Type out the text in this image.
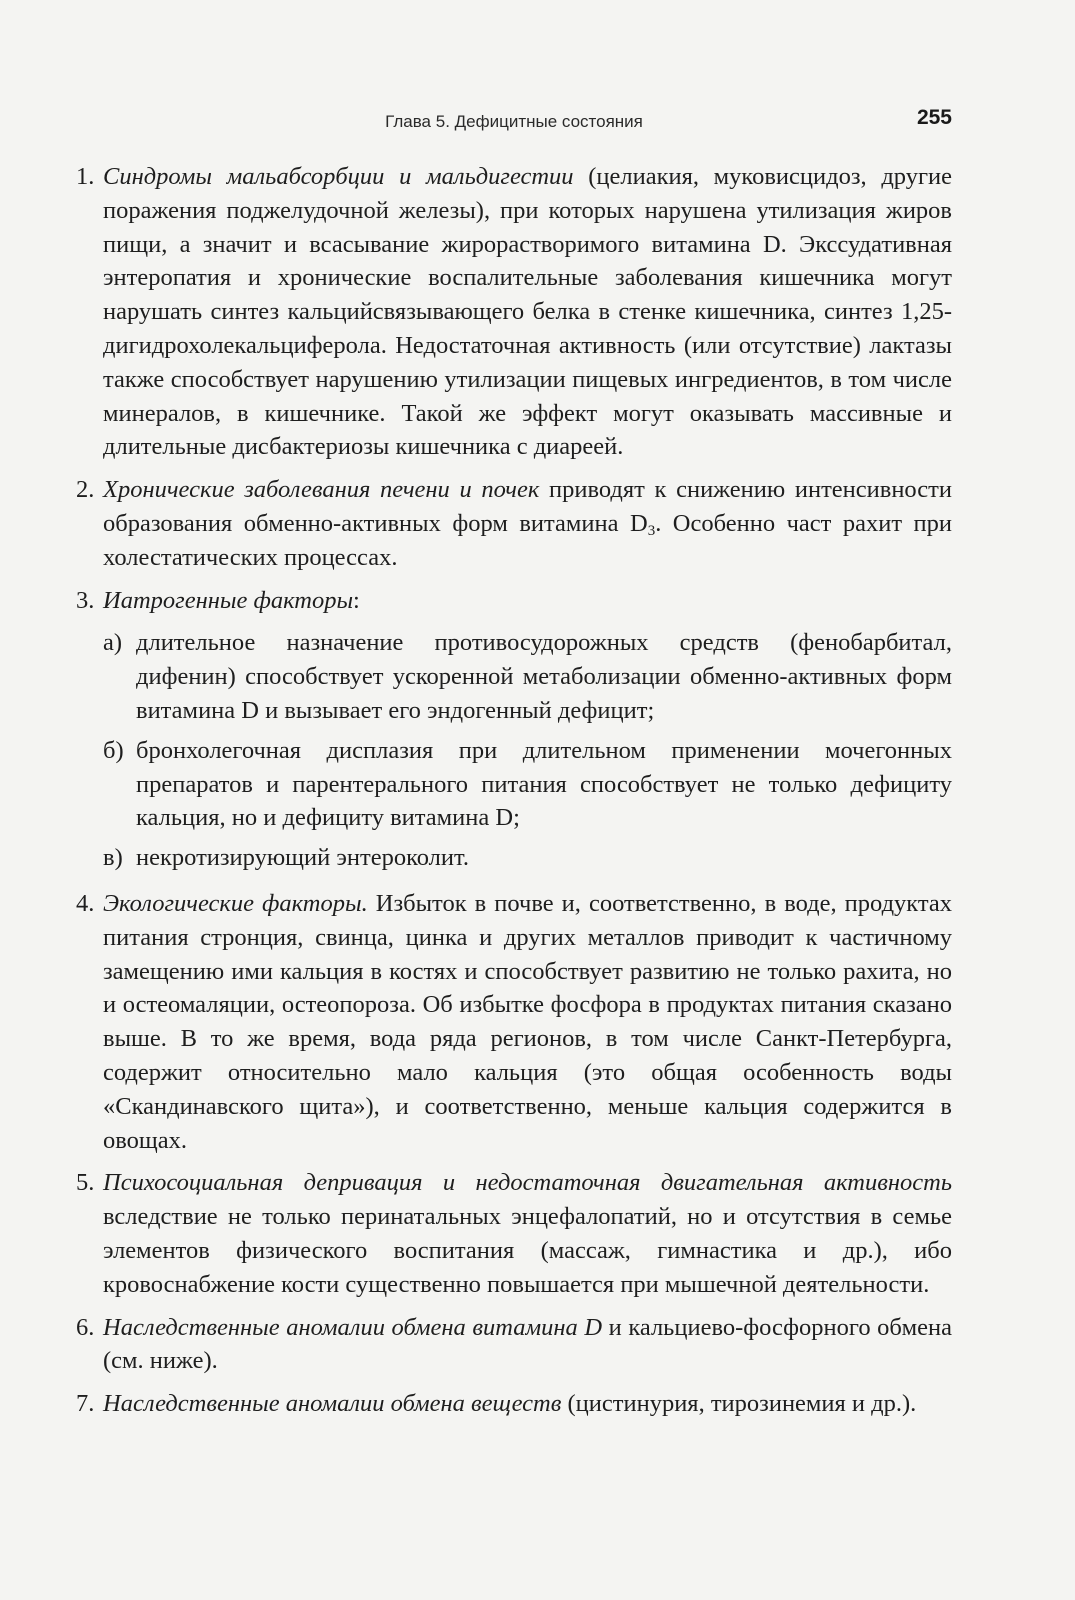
Глава 5. Дефицитные состояния	255
1. Синдромы мальабсорбции и мальдигестии (целиакия, муковисцидоз, другие поражения поджелудочной железы), при которых нарушена утилизация жиров пищи, а значит и всасывание жирорастворимого витамина D. Экссудативная энтеропатия и хронические воспалительные заболевания кишечника могут нарушать синтез кальцийсвязывающего белка в стенке кишечника, синтез 1,25-дигидрохолекальциферола. Недостаточная активность (или отсутствие) лактазы также способствует нарушению утилизации пищевых ингредиентов, в том числе минералов, в кишечнике. Такой же эффект могут оказывать массивные и длительные дисбактериозы кишечника с диареей.
2. Хронические заболевания печени и почек приводят к снижению интенсивности образования обменно-активных форм витамина D3. Особенно част рахит при холестатических процессах.
3. Иатрогенные факторы:
а) длительное назначение противосудорожных средств (фенобарбитал, дифенин) способствует ускоренной метаболизации обменно-активных форм витамина D и вызывает его эндогенный дефицит;
б) бронхолегочная дисплазия при длительном применении мочегонных препаратов и парентерального питания способствует не только дефициту кальция, но и дефициту витамина D;
в) некротизирующий энтероколит.
4. Экологические факторы. Избыток в почве и, соответственно, в воде, продуктах питания стронция, свинца, цинка и других металлов приводит к частичному замещению ими кальция в костях и способствует развитию не только рахита, но и остеомаляции, остеопороза. Об избытке фосфора в продуктах питания сказано выше. В то же время, вода ряда регионов, в том числе Санкт-Петербурга, содержит относительно мало кальция (это общая особенность воды «Скандинавского щита»), и соответственно, меньше кальция содержится в овощах.
5. Психосоциальная депривация и недостаточная двигательная активность вследствие не только перинатальных энцефалопатий, но и отсутствия в семье элементов физического воспитания (массаж, гимнастика и др.), ибо кровоснабжение кости существенно повышается при мышечной деятельности.
6. Наследственные аномалии обмена витамина D и кальциево-фосфорного обмена (см. ниже).
7. Наследственные аномалии обмена веществ (цистинурия, тирозинемия и др.).
